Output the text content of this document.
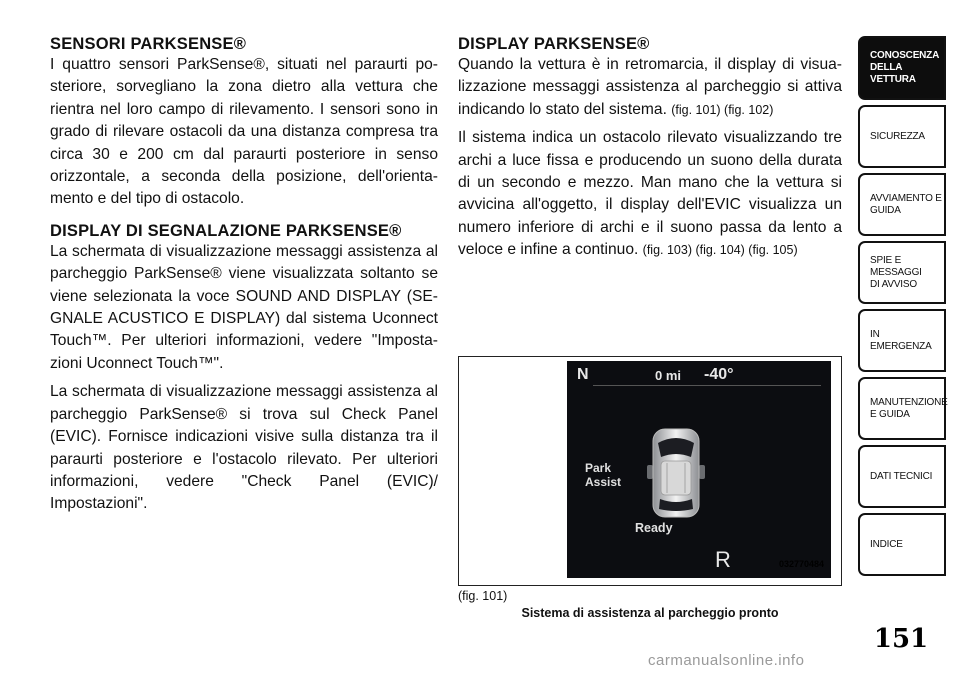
SENSORI PARKSENSE®

I quattro sensori ParkSense®, situati nel paraurti po- steriore, sorvegliano la zona dietro alla vettura che rientra nel loro campo di rilevamento. I sensori sono in grado di rilevare ostacoli da una distanza compresa tra circa 30 e 200 cm dal paraurti posteriore in senso orizzontale, a seconda della posizione, dell'orienta- mento e del tipo di ostacolo.

DISPLAY DI SEGNALAZIONE PARKSENSE®

La schermata di visualizzazione messaggi assistenza al parcheggio ParkSense® viene visualizzata soltanto se viene selezionata la voce SOUND AND DISPLAY (SE- GNALE ACUSTICO E DISPLAY) dal sistema Uconnect Touch™. Per ulteriori informazioni, vedere "Imposta- zioni Uconnect Touch™".

La schermata di visualizzazione messaggi assistenza al parcheggio ParkSense® si trova sul Check Panel (EVIC). Fornisce indicazioni visive sulla distanza tra il paraurti posteriore e l'ostacolo rilevato. Per ulteriori informazioni, vedere "Check Panel (EVIC)/ Impostazioni".

DISPLAY PARKSENSE®

Quando la vettura è in retromarcia, il display di visua- lizzazione messaggi assistenza al parcheggio si attiva indicando lo stato del sistema. (fig. 101) (fig. 102)

Il sistema indica un ostacolo rilevato visualizzando tre archi a luce fissa e producendo un suono della durata di un secondo e mezzo. Man mano che la vettura si avvicina all'oggetto, il display dell'EVIC visualizza un numero inferiore di archi e il suono passa da lento a veloce e infine a continuo. (fig. 103) (fig. 104) (fig. 105)

N	0 mi -40°
Park
Assist
Ready
R	032770484
(fig. 101)
Sistema di assistenza al parcheggio pronto
CONOSCENZA
DELLA VETTURA
SICUREZZA
AVVIAMENTO E
GUIDA
SPIE E
MESSAGGI
DI AVVISO
IN
EMERGENZA
MANUTENZIONE
E GUIDA
DATI TECNICI
INDICE
151
carmanualsonline.info
